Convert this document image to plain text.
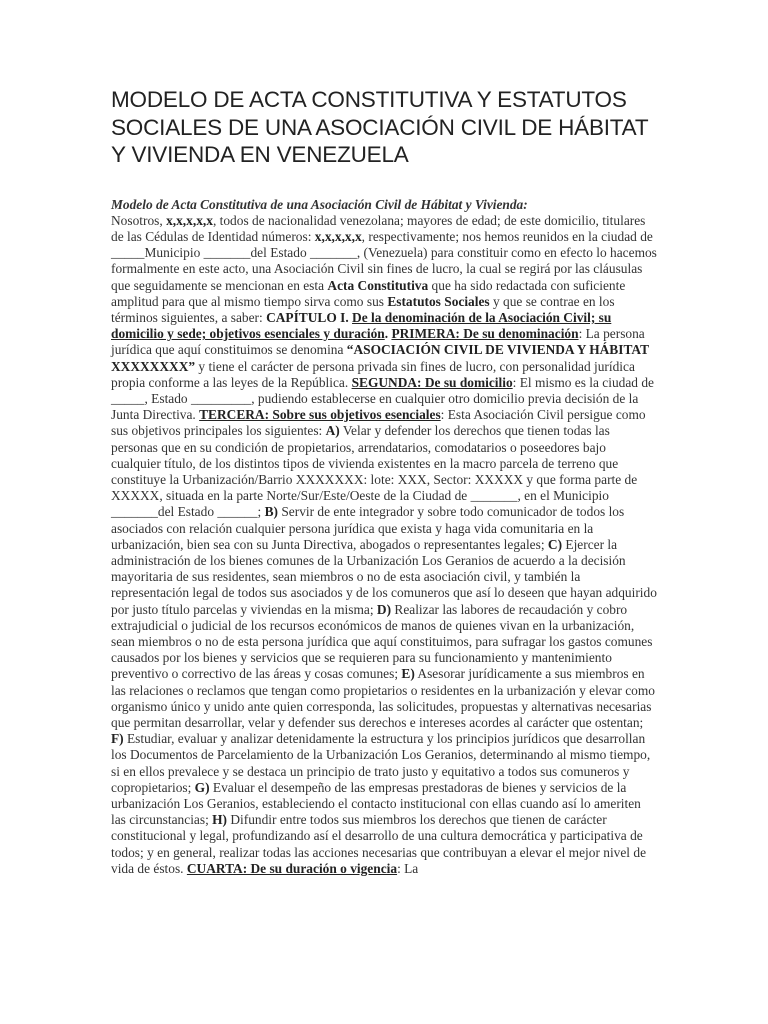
MODELO DE ACTA CONSTITUTIVA Y ESTATUTOS SOCIALES DE UNA ASOCIACIÓN CIVIL DE HÁBITAT Y VIVIENDA EN VENEZUELA
Modelo de Acta Constitutiva de una Asociación Civil de Hábitat y Vivienda:
Nosotros, x,x,x,x,x, todos de nacionalidad venezolana; mayores de edad; de este domicilio, titulares de las Cédulas de Identidad números: x,x,x,x,x, respectivamente; nos hemos reunidos en la ciudad de _____Municipio _______del Estado _______, (Venezuela) para constituir como en efecto lo hacemos formalmente en este acto, una Asociación Civil sin fines de lucro, la cual se regirá por las cláusulas que seguidamente se mencionan en esta Acta Constitutiva que ha sido redactada con suficiente amplitud para que al mismo tiempo sirva como sus Estatutos Sociales y que se contrae en los términos siguientes, a saber: CAPÍTULO I. De la denominación de la Asociación Civil; su domicilio y sede; objetivos esenciales y duración. PRIMERA: De su denominación: La persona jurídica que aquí constituimos se denomina “ASOCIACIÓN CIVIL DE VIVIENDA Y HÁBITAT XXXXXXXX” y tiene el carácter de persona privada sin fines de lucro, con personalidad jurídica propia conforme a las leyes de la República. SEGUNDA: De su domicilio: El mismo es la ciudad de _____, Estado _________, pudiendo establecerse en cualquier otro domicilio previa decisión de la Junta Directiva. TERCERA: Sobre sus objetivos esenciales: Esta Asociación Civil persigue como sus objetivos principales los siguientes: A) Velar y defender los derechos que tienen todas las personas que en su condición de propietarios, arrendatarios, comodatarios o poseedores bajo cualquier título, de los distintos tipos de vivienda existentes en la macro parcela de terreno que constituye la Urbanización/Barrio XXXXXXX: lote: XXX, Sector: XXXXX y que forma parte de XXXXX, situada en la parte Norte/Sur/Este/Oeste de la Ciudad de _______, en el Municipio _______del Estado ______; B) Servir de ente integrador y sobre todo comunicador de todos los asociados con relación cualquier persona jurídica que exista y haga vida comunitaria en la urbanización, bien sea con su Junta Directiva, abogados o representantes legales; C) Ejercer la administración de los bienes comunes de la Urbanización Los Geranios de acuerdo a la decisión mayoritaria de sus residentes, sean miembros o no de esta asociación civil, y también la representación legal de todos sus asociados y de los comuneros que así lo deseen que hayan adquirido por justo título parcelas y viviendas en la misma; D) Realizar las labores de recaudación y cobro extrajudicial o judicial de los recursos económicos de manos de quienes vivan en la urbanización, sean miembros o no de esta persona jurídica que aquí constituimos, para sufragar los gastos comunes causados por los bienes y servicios que se requieren para su funcionamiento y mantenimiento preventivo o correctivo de las áreas y cosas comunes; E) Asesorar jurídicamente a sus miembros en las relaciones o reclamos que tengan como propietarios o residentes en la urbanización y elevar como organismo único y unido ante quien corresponda, las solicitudes, propuestas y alternativas necesarias que permitan desarrollar, velar y defender sus derechos e intereses acordes al carácter que ostentan; F) Estudiar, evaluar y analizar detenidamente la estructura y los principios jurídicos que desarrollan los Documentos de Parcelamiento de la Urbanización Los Geranios, determinando al mismo tiempo, si en ellos prevalece y se destaca un principio de trato justo y equitativo a todos sus comuneros y copropietarios; G) Evaluar el desempeño de las empresas prestadoras de bienes y servicios de la urbanización Los Geranios, estableciendo el contacto institucional con ellas cuando así lo ameriten las circunstancias; H) Difundir entre todos sus miembros los derechos que tienen de carácter constitucional y legal, profundizando así el desarrollo de una cultura democrática y participativa de todos; y en general, realizar todas las acciones necesarias que contribuyan a elevar el mejor nivel de vida de éstos. CUARTA: De su duración o vigencia: La
